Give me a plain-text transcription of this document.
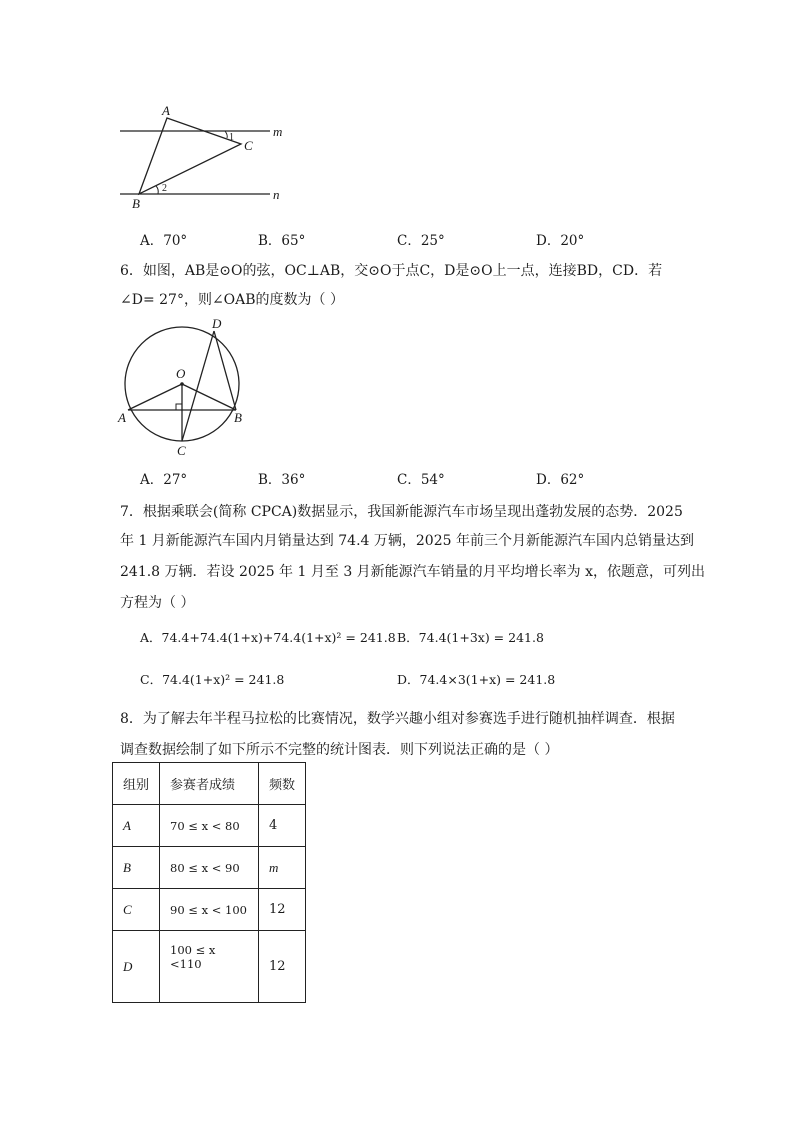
A
B
C
m
n
1
2
A．70°	B．65°	C．25°	D．20°
6．如图，AB是⊙O的弦，OC⊥AB，交⊙O于点C，D是⊙O上一点，连接BD，CD．若
∠D= 27°，则∠OAB的度数为（ ）
O
A	B
C
D
A．27°	B．36°	C．54°	D．62°
7．根据乘联会(简称 CPCA)数据显示，我国新能源汽车市场呈现出蓬勃发展的态势．2025
年 1 月新能源汽车国内月销量达到 74.4 万辆，2025 年前三个月新能源汽车国内总销量达到
241.8 万辆．若设 2025 年 1 月至 3 月新能源汽车销量的月平均增长率为 x，依题意，可列出
方程为（ ）
A．74.4+74.4(1+x)+74.4(1+x)² = 241.8 B．74.4(1+3x) = 241.8
C．74.4(1+x)² = 241.8	D．74.4×3(1+x) = 241.8
8．为了解去年半程马拉松的比赛情况，数学兴趣小组对参赛选手进行随机抽样调查．根据
调查数据绘制了如下所示不完整的统计图表．则下列说法正确的是（ ）
组别	参赛者成绩	频数
A	70 ≤ x < 80	4
B	80 ≤ x < 90	m
C	90 ≤ x < 100	12
D	100 ≤ x <110	12
